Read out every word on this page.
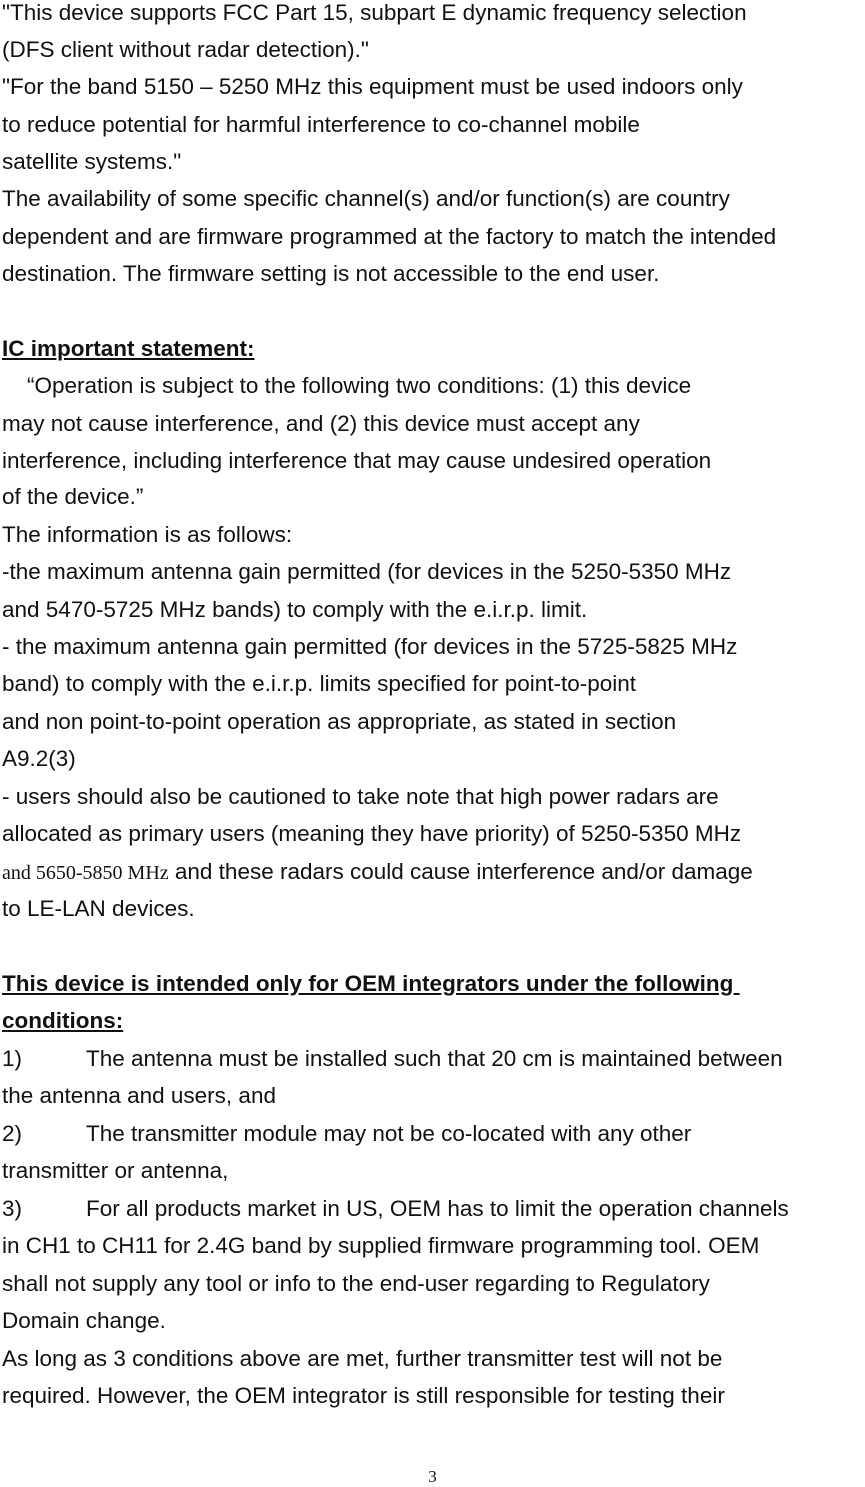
"This device supports FCC Part 15, subpart E dynamic frequency selection
(DFS client without radar detection)."
"For the band 5150 – 5250 MHz this equipment must be used indoors only
to reduce potential for harmful interference to co-channel mobile
satellite systems."
The availability of some specific channel(s) and/or function(s) are country
dependent and are firmware programmed at the factory to match the intended
destination. The firmware setting is not accessible to the end user.
IC important statement:
“Operation is subject to the following two conditions: (1) this device
may not cause interference, and (2) this device must accept any
interference, including interference that may cause undesired operation
of the device.”
The information is as follows:
-the maximum antenna gain permitted (for devices in the 5250-5350 MHz
and 5470-5725 MHz bands) to comply with the e.i.r.p. limit.
- the maximum antenna gain permitted (for devices in the 5725-5825 MHz
band) to comply with the e.i.r.p. limits specified for point-to-point
and non point-to-point operation as appropriate, as stated in section
A9.2(3)
- users should also be cautioned to take note that high power radars are
allocated as primary users (meaning they have priority) of 5250-5350 MHz
and 5650-5850 MHz and these radars could cause interference and/or damage
to LE-LAN devices.
This device is intended only for OEM integrators under the following
conditions:
1)	The antenna must be installed such that 20 cm is maintained between
the antenna and users, and
2)	The transmitter module may not be co-located with any other
transmitter or antenna,
3)	For all products market in US, OEM has to limit the operation channels
in CH1 to CH11 for 2.4G band by supplied firmware programming tool. OEM
shall not supply any tool or info to the end-user regarding to Regulatory
Domain change.
As long as 3 conditions above are met, further transmitter test will not be
required. However, the OEM integrator is still responsible for testing their
3
